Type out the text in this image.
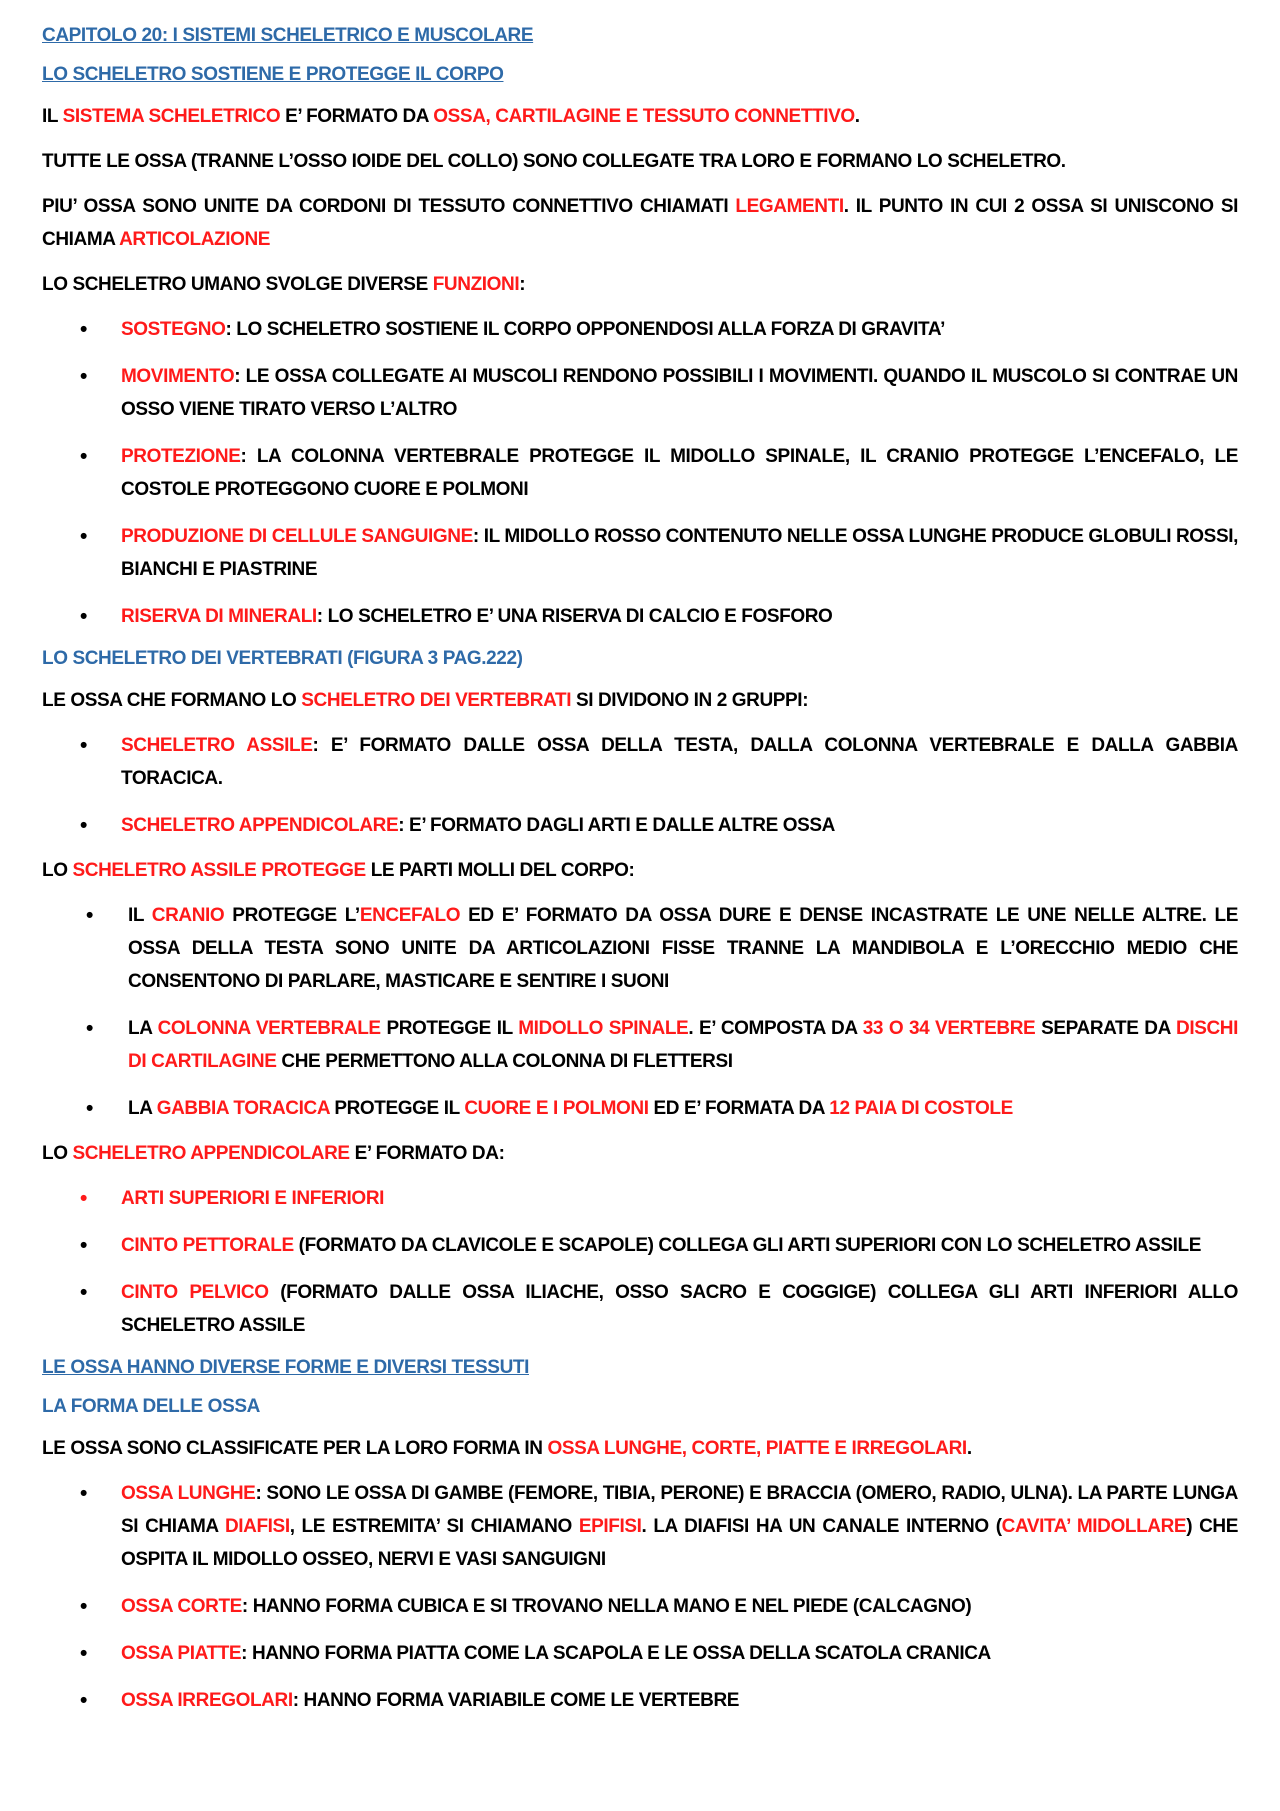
CAPITOLO 20: I SISTEMI SCHELETRICO E MUSCOLARE
LO SCHELETRO SOSTIENE E PROTEGGE IL CORPO

IL SISTEMA SCHELETRICO E’ FORMATO DA OSSA, CARTILAGINE E TESSUTO CONNETTIVO.

TUTTE LE OSSA (TRANNE L’OSSO IOIDE DEL COLLO) SONO COLLEGATE TRA LORO E FORMANO LO SCHELETRO.

PIU’ OSSA SONO UNITE DA CORDONI DI TESSUTO CONNETTIVO CHIAMATI LEGAMENTI. IL PUNTO IN CUI 2 OSSA SI UNISCONO SI CHIAMA ARTICOLAZIONE

LO SCHELETRO UMANO SVOLGE DIVERSE FUNZIONI:

•	SOSTEGNO: LO SCHELETRO SOSTIENE IL CORPO OPPONENDOSI ALLA FORZA DI GRAVITA’
•	MOVIMENTO: LE OSSA COLLEGATE AI MUSCOLI RENDONO POSSIBILI I MOVIMENTI. QUANDO IL MUSCOLO SI CONTRAE UN OSSO VIENE TIRATO VERSO L’ALTRO
•	PROTEZIONE: LA COLONNA VERTEBRALE PROTEGGE IL MIDOLLO SPINALE, IL CRANIO PROTEGGE L’ENCEFALO, LE COSTOLE PROTEGGONO CUORE E POLMONI
•	PRODUZIONE DI CELLULE SANGUIGNE: IL MIDOLLO ROSSO CONTENUTO NELLE OSSA LUNGHE PRODUCE GLOBULI ROSSI, BIANCHI E PIASTRINE
•	RISERVA DI MINERALI: LO SCHELETRO E’ UNA RISERVA DI CALCIO E FOSFORO
LO SCHELETRO DEI VERTEBRATI (FIGURA 3 PAG.222)

LE OSSA CHE FORMANO LO SCHELETRO DEI VERTEBRATI SI DIVIDONO IN 2 GRUPPI:

•	SCHELETRO ASSILE: E’ FORMATO DALLE OSSA DELLA TESTA, DALLA COLONNA VERTEBRALE E DALLA GABBIA TORACICA.
•	SCHELETRO APPENDICOLARE: E’ FORMATO DAGLI ARTI E DALLE ALTRE OSSA

LO SCHELETRO ASSILE PROTEGGE LE PARTI MOLLI DEL CORPO:

•	IL CRANIO PROTEGGE L’ENCEFALO ED E’ FORMATO DA OSSA DURE E DENSE INCASTRATE LE UNE NELLE ALTRE. LE OSSA DELLA TESTA SONO UNITE DA ARTICOLAZIONI FISSE TRANNE LA MANDIBOLA E L’ORECCHIO MEDIO CHE CONSENTONO DI PARLARE, MASTICARE E SENTIRE I SUONI
•	LA COLONNA VERTEBRALE PROTEGGE IL MIDOLLO SPINALE. E’ COMPOSTA DA 33 O 34 VERTEBRE SEPARATE DA DISCHI DI CARTILAGINE CHE PERMETTONO ALLA COLONNA DI FLETTERSI
•	LA GABBIA TORACICA PROTEGGE IL CUORE E I POLMONI ED E’ FORMATA DA 12 PAIA DI COSTOLE

LO SCHELETRO APPENDICOLARE E’ FORMATO DA:

•	ARTI SUPERIORI E INFERIORI
•	CINTO PETTORALE (FORMATO DA CLAVICOLE E SCAPOLE) COLLEGA GLI ARTI SUPERIORI CON LO SCHELETRO ASSILE
•	CINTO PELVICO (FORMATO DALLE OSSA ILIACHE, OSSO SACRO E COGGIGE) COLLEGA GLI ARTI INFERIORI ALLO SCHELETRO ASSILE
LE OSSA HANNO DIVERSE FORME E DIVERSI TESSUTI
LA FORMA DELLE OSSA

LE OSSA SONO CLASSIFICATE PER LA LORO FORMA IN OSSA LUNGHE, CORTE, PIATTE E IRREGOLARI.

•	OSSA LUNGHE: SONO LE OSSA DI GAMBE (FEMORE, TIBIA, PERONE) E BRACCIA (OMERO, RADIO, ULNA). LA PARTE LUNGA SI CHIAMA DIAFISI, LE ESTREMITA’ SI CHIAMANO EPIFISI. LA DIAFISI HA UN CANALE INTERNO (CAVITA’ MIDOLLARE) CHE OSPITA IL MIDOLLO OSSEO, NERVI E VASI SANGUIGNI
•	OSSA CORTE: HANNO FORMA CUBICA E SI TROVANO NELLA MANO E NEL PIEDE (CALCAGNO)
•	OSSA PIATTE: HANNO FORMA PIATTA COME LA SCAPOLA E LE OSSA DELLA SCATOLA CRANICA
•	OSSA IRREGOLARI: HANNO FORMA VARIABILE COME LE VERTEBRE
